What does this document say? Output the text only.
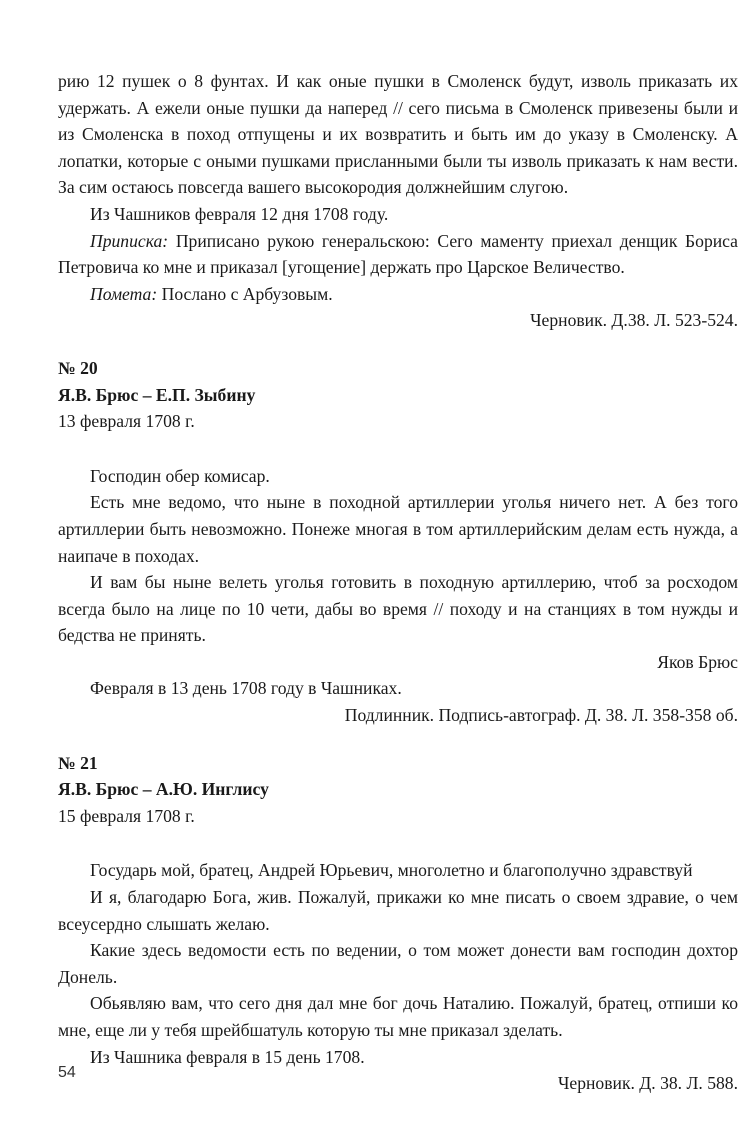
рию 12 пушек о 8 фунтах. И как оные пушки в Смоленск будут, изволь приказать их удержать. А ежели оные пушки да наперед // сего письма в Смоленск привезены были и из Смоленска в поход отпущены и их возвратить и быть им до указу в Смоленску. А лопатки, которые с оными пушками присланными были ты изволь приказать к нам вести. За сим остаюсь повсегда вашего высокородия должнейшим слугою.

Из Чашников февраля 12 дня 1708 году.

Приписка: Приписано рукою генеральскою: Сего маменту приехал денщик Бориса Петровича ко мне и приказал [угощение] держать про Царское Величество.

Помета: Послано с Арбузовым.

Черновик. Д.38. Л. 523-524.

№ 20

Я.В. Брюс – Е.П. Зыбину

13 февраля 1708 г.

Господин обер комисар.

Есть мне ведомо, что ныне в походной артиллерии уголья ничего нет. А без того артиллерии быть невозможно. Понеже многая в том артиллерийским делам есть нужда, а наипаче в походах.

И вам бы ныне велеть уголья готовить в походную артиллерию, чтоб за росходом всегда было на лице по 10 чети, дабы во время // походу и на станциях в том нужды и бедства не принять.

Яков Брюс

Февраля в 13 день 1708 году в Чашниках.

Подлинник. Подпись-автограф. Д. 38. Л. 358-358 об.

№ 21

Я.В. Брюс – А.Ю. Инглису

15 февраля 1708 г.

Государь мой, братец, Андрей Юрьевич, многолетно и благополучно здравствуй

И я, благодарю Бога, жив. Пожалуй, прикажи ко мне писать о своем здравие, о чем всеусердно слышать желаю.

Какие здесь ведомости есть по ведении, о том может донести вам господин дохтор Донель.

Обьявляю вам, что сего дня дал мне бог дочь Наталию. Пожалуй, братец, отпиши ко мне, еще ли у тебя шрейбшатуль которую ты мне приказал зделать.

Из Чашника февраля в 15 день 1708.

Черновик. Д. 38. Л. 588.

54
